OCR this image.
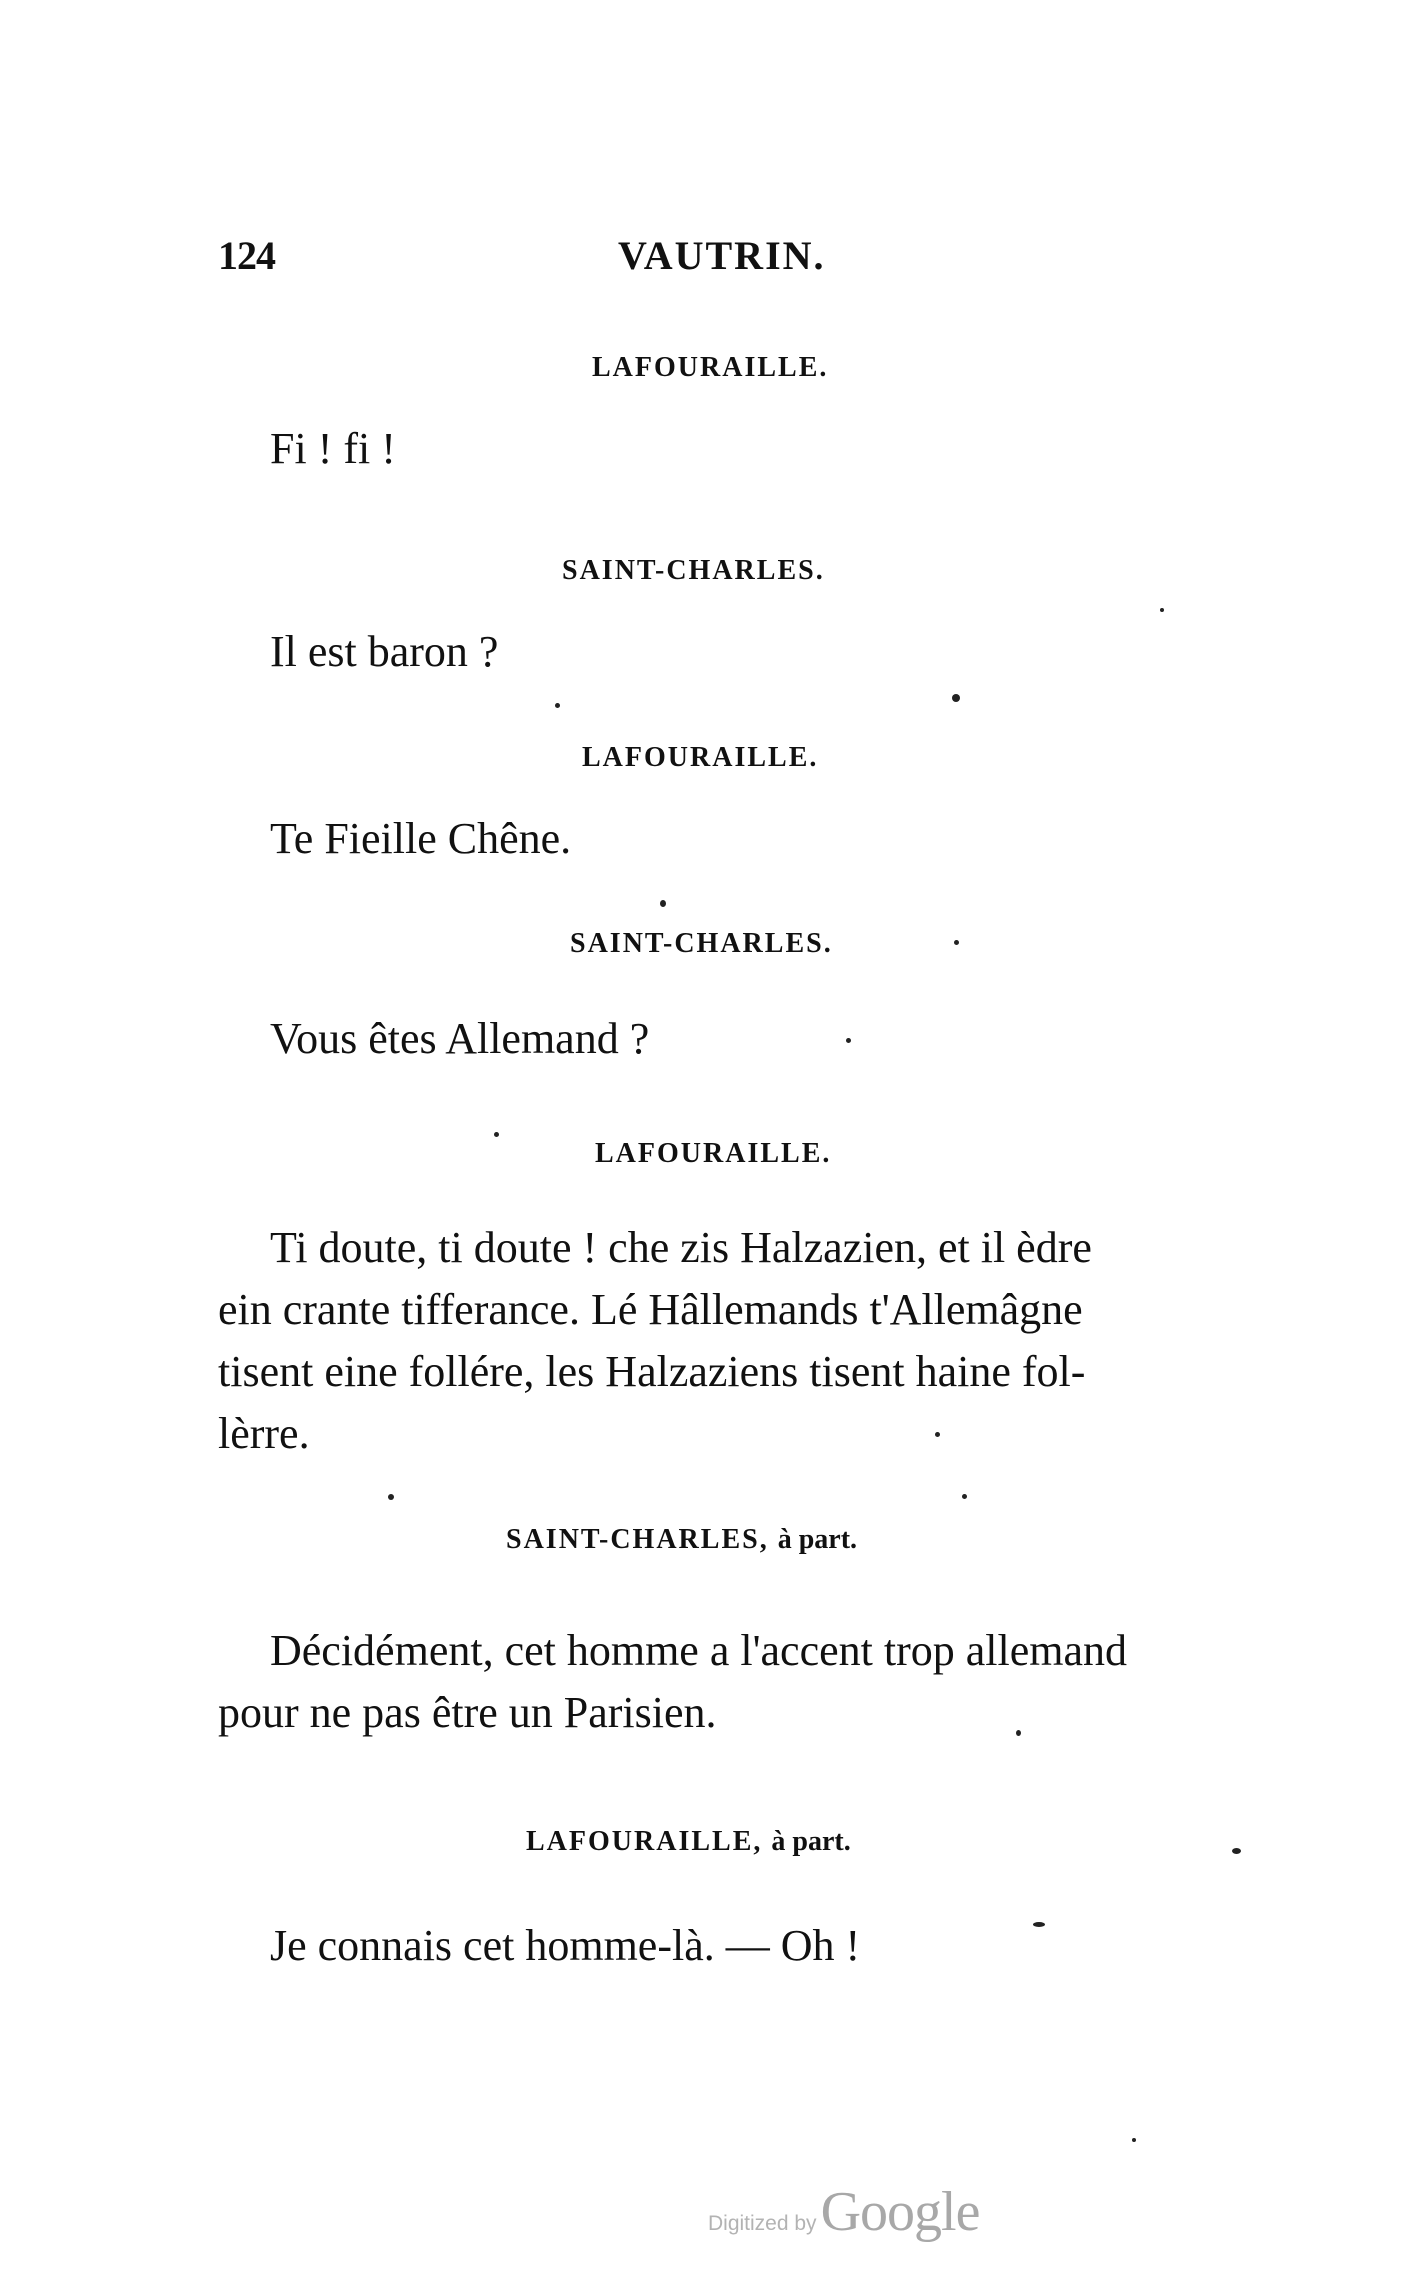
124	VAUTRIN.
LAFOURAILLE.
Fi ! fi !
SAINT-CHARLES.
Il est baron ?
LAFOURAILLE.
Te Fieille Chêne.
SAINT-CHARLES.
Vous êtes Allemand ?
LAFOURAILLE.
Ti doute, ti doute ! che zis Halzazien, et il èdre
ein crante tifferance. Lé Hâllemands t'Allemâgne
tisent eine follére, les Halzaziens tisent haine fol-
lèrre.
SAINT-CHARLES, à part.
Décidément, cet homme a l'accent trop allemand
pour ne pas être un Parisien.
LAFOURAILLE, à part.
Je connais cet homme-là. — Oh !
Digitized by Google
